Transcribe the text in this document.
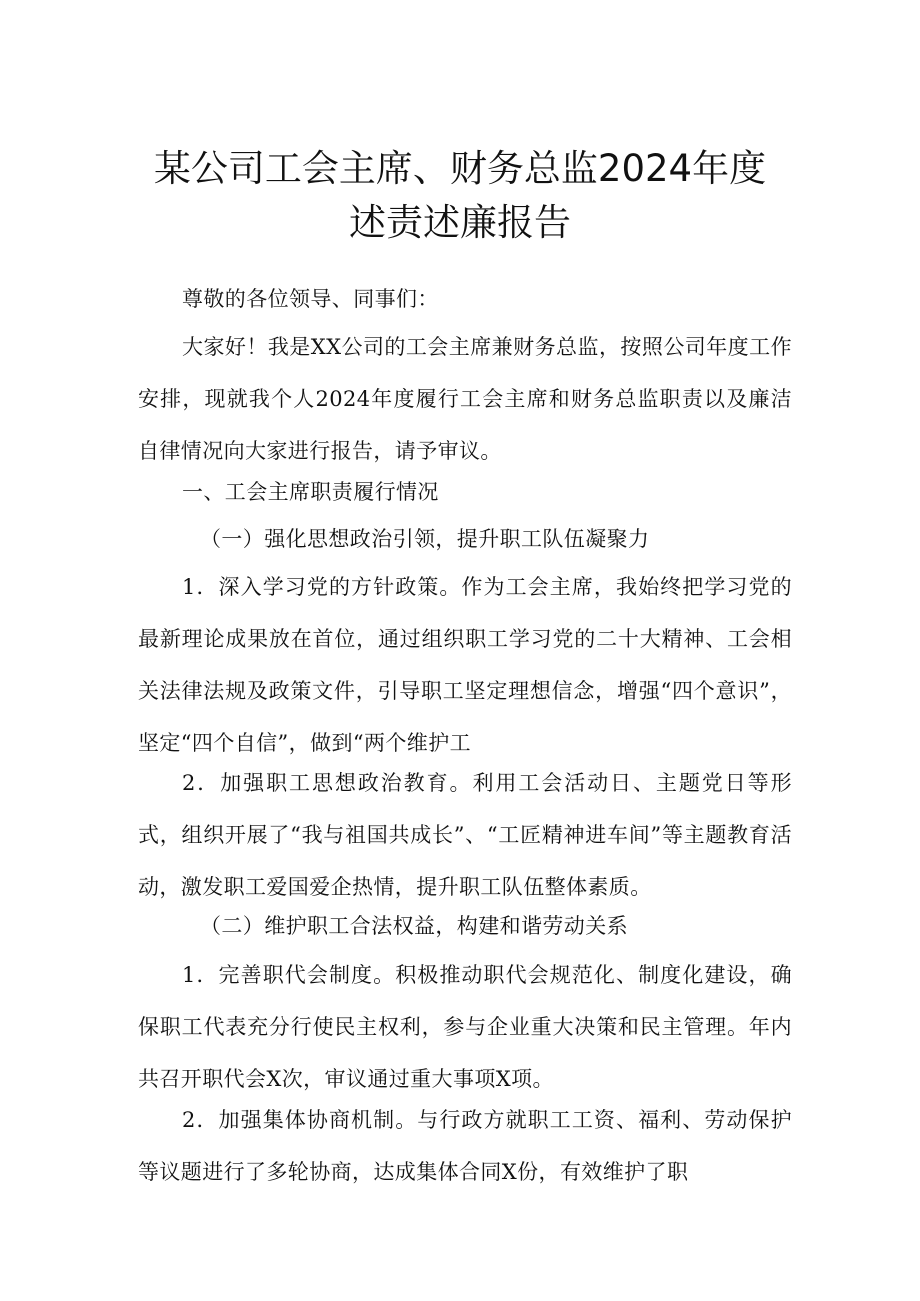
某公司工会主席、财务总监2024年度
述责述廉报告
尊敬的各位领导、同事们：
大家好！我是XX公司的工会主席兼财务总监，按照公司年度工作安排，现就我个人2024年度履行工会主席和财务总监职责以及廉洁自律情况向大家进行报告，请予审议。
一、工会主席职责履行情况
（一）强化思想政治引领，提升职工队伍凝聚力
1．深入学习党的方针政策。作为工会主席，我始终把学习党的最新理论成果放在首位，通过组织职工学习党的二十大精神、工会相关法律法规及政策文件，引导职工坚定理想信念，增强“四个意识”，坚定“四个自信”，做到“两个维护工
2．加强职工思想政治教育。利用工会活动日、主题党日等形式，组织开展了“我与祖国共成长”、“工匠精神进车间”等主题教育活动，激发职工爱国爱企热情，提升职工队伍整体素质。
（二）维护职工合法权益，构建和谐劳动关系
1．完善职代会制度。积极推动职代会规范化、制度化建设，确保职工代表充分行使民主权利，参与企业重大决策和民主管理。年内共召开职代会X次，审议通过重大事项X项。
2．加强集体协商机制。与行政方就职工工资、福利、劳动保护等议题进行了多轮协商，达成集体合同X份，有效维护了职
